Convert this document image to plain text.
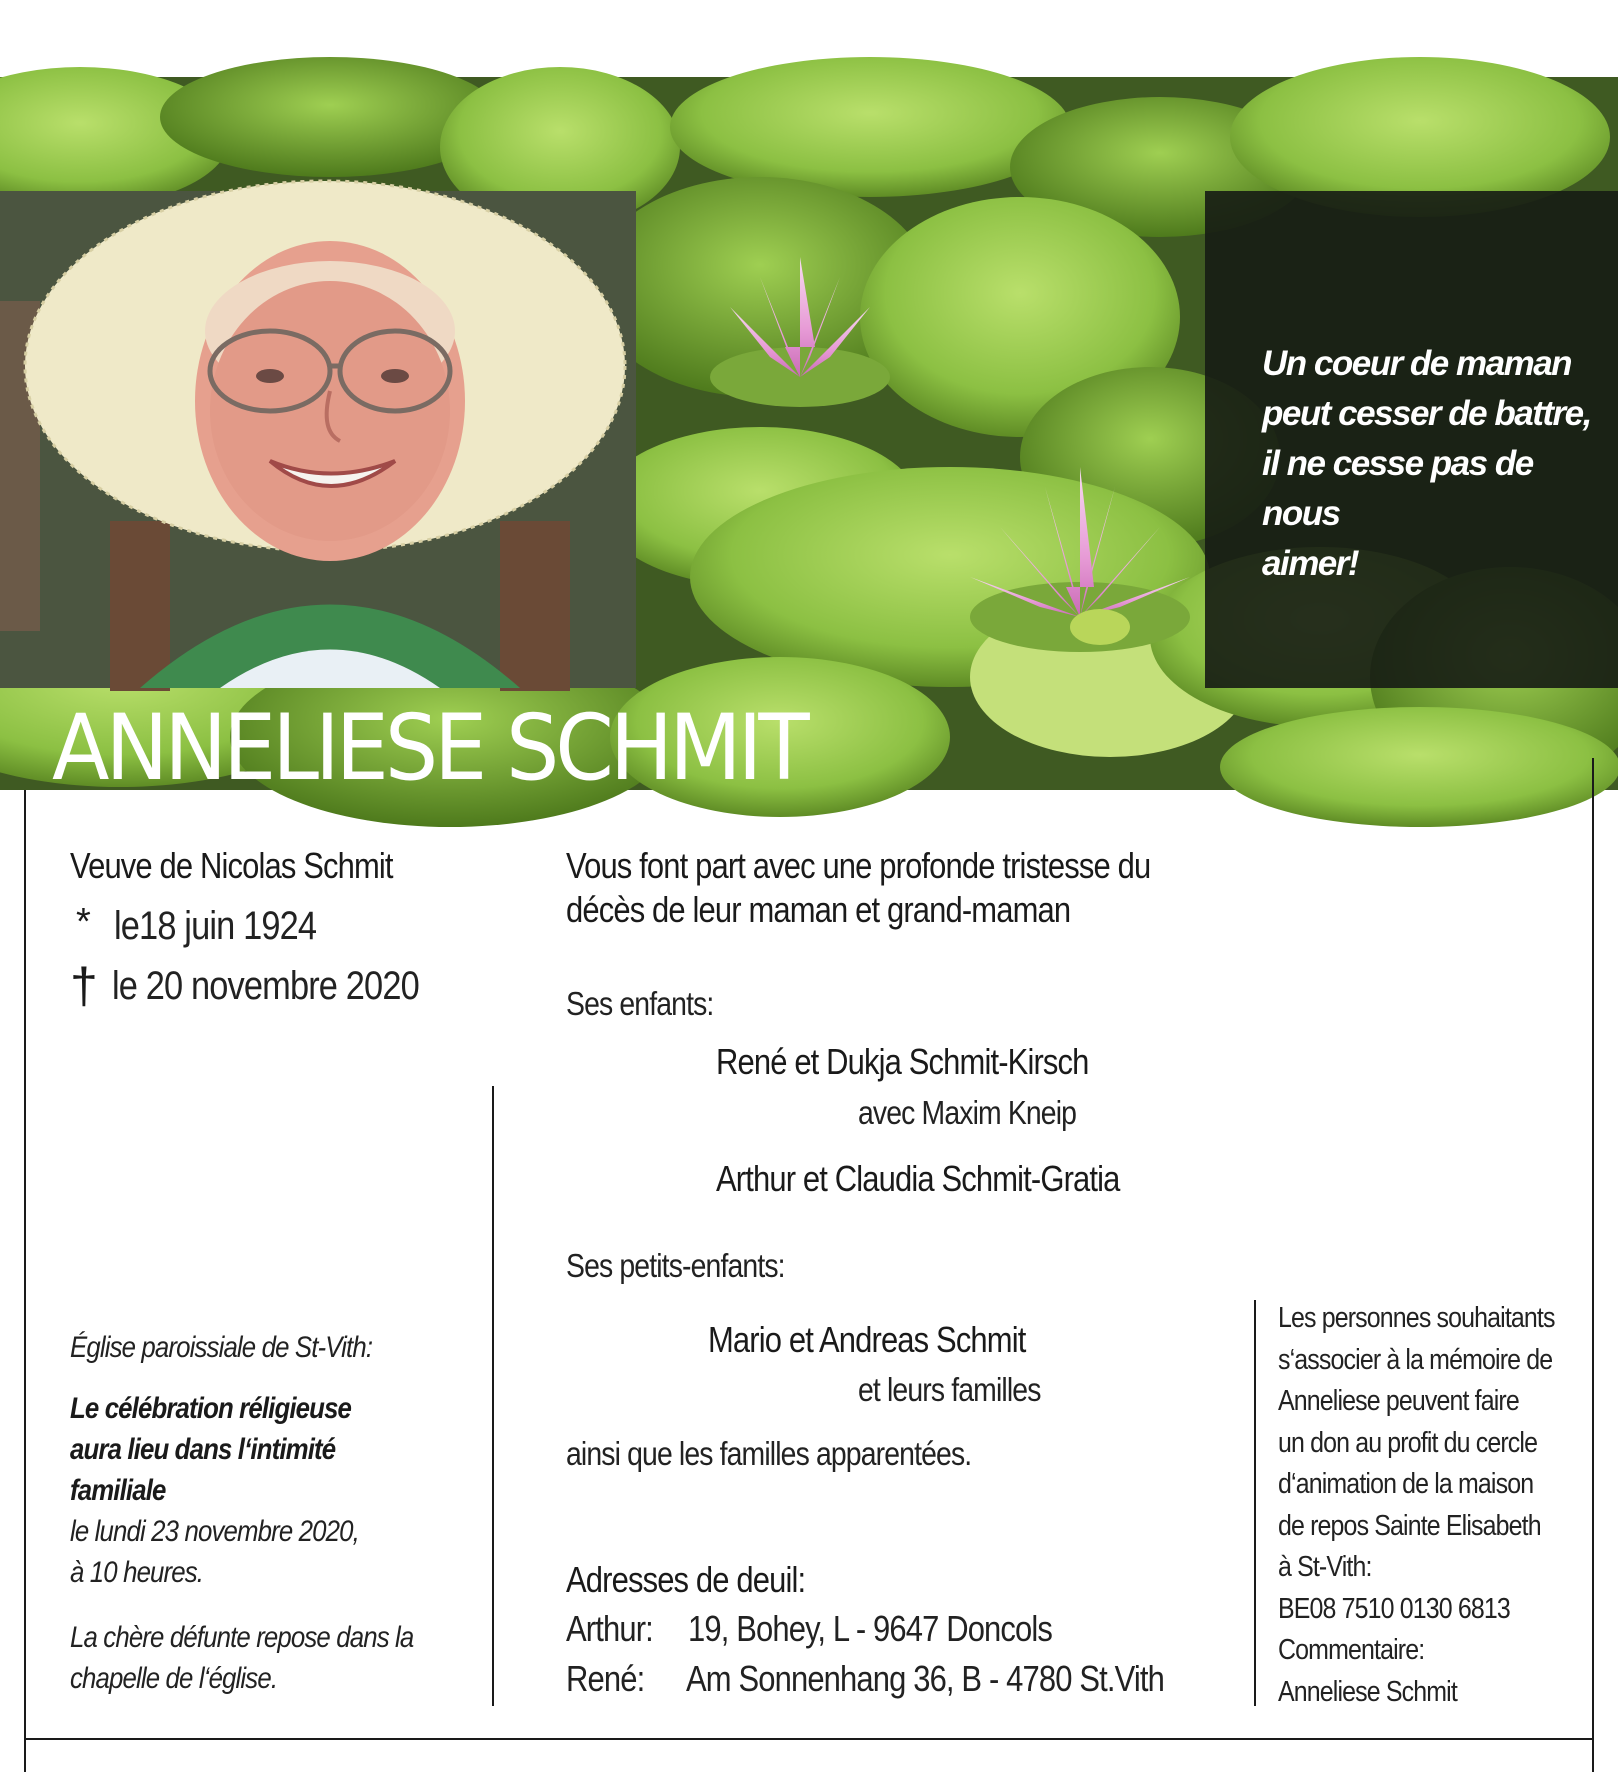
Un coeur de maman
peut cesser de battre,
il ne cesse pas de nous
aimer!
ANNELIESE SCHMIT
NÉ SPIEGEL
Veuve de Nicolas Schmit
* le18 juin 1924
† le 20 novembre 2020
Église paroissiale de St-Vith:
Le célébration réligieuse
aura lieu dans l‘intimité
familiale
le lundi 23 novembre 2020,
à 10 heures.
La chère défunte repose dans la
chapelle de l‘église.
Vous font part avec une profonde tristesse du
décès de leur maman et grand-maman
Ses enfants:
René et Dukja Schmit-Kirsch
avec Maxim Kneip
Arthur et Claudia Schmit-Gratia
Ses petits-enfants:
Mario et Andreas Schmit
et leurs familles
ainsi que les familles apparentées.
Adresses de deuil:
Arthur: 19, Bohey, L - 9647 Doncols
René: Am Sonnenhang 36, B - 4780 St.Vith
Les personnes souhaitants
s‘associer à la mémoire de
Anneliese peuvent faire
un don au profit du cercle
d‘animation de la maison
de repos Sainte Elisabeth
à St-Vith:
BE08 7510 0130 6813
Commentaire:
Anneliese Schmit
